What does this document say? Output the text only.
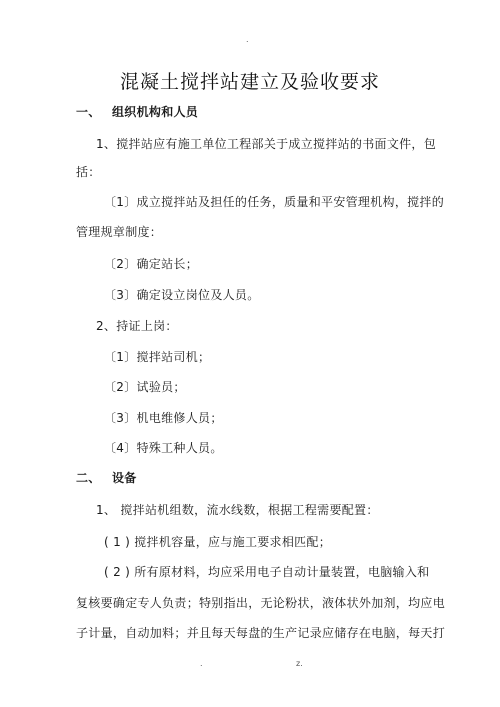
.
混凝土搅拌站建立及验收要求
一、 组织机构和人员
1、搅拌站应有施工单位工程部关于成立搅拌站的书面文件，包
括：
〔1〕成立搅拌站及担任的任务，质量和平安管理机构，搅拌的
管理规章制度：
〔2〕确定站长；
〔3〕确定设立岗位及人员。
2、持证上岗：
〔1〕搅拌站司机；
〔2〕试验员；
〔3〕机电维修人员；
〔4〕特殊工种人员。
二、 设备
1、 搅拌站机组数，流水线数，根据工程需要配置：
( 1 ) 搅拌机容量，应与施工要求相匹配；
( 2 ) 所有原材料，均应采用电子自动计量装置，电脑输入和
复核要确定专人负责；特别指出，无论粉状，液体状外加剂，均应电
子计量，自动加料；并且每天每盘的生产记录应储存在电脑，每天打
.	z.
